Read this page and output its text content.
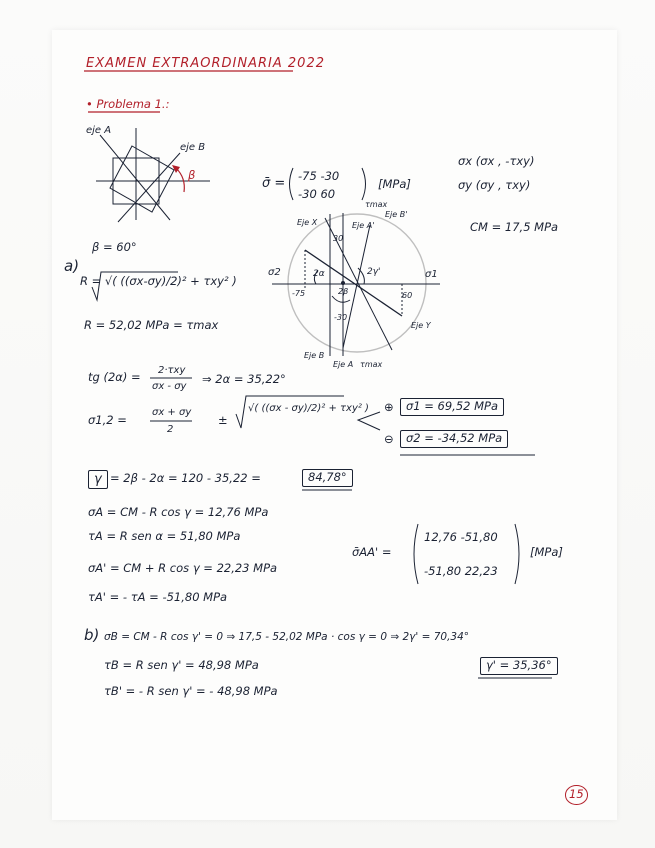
EXAMEN EXTRAORDINARIA 2022
• Problema 1.:
eje A
eje B
β
σ̄ = -75 -30
-30 60
[MPa]
σx (σx , -τxy)
σy (σy , τxy)
CM = 17,5 MPa
τmax
Eje B'
Eje A'
Eje X
Eje Y
Eje B
Eje A τmax
σ1
σ2	2α	2γ'
2β
30
-30
60
-75
a)
β = 60°
R = √( ((σx-σy)/2)² + τxy² )
R = 52,02 MPa = τmax
tg (2α) = 2·τxy
σx - σy
⇒ 2α = 35,22°
σ1,2 =
σx + σy
2
±
√( ((σx - σy)/2)² + τxy² ) ⊕	σ1 = 69,52 MPa
⊖	σ2 = -34,52 MPa
γ = 2β - 2α = 120 - 35,22 =	84,78°
σA = CM - R cos γ = 12,76 MPa
τA = R sen α = 51,80 MPa
σA' = CM + R cos γ = 22,23 MPa
τA' = - τA = -51,80 MPa
σ̄AA' =
12,76 -51,80
-51,80 22,23
[MPa]
b) σB = CM - R cos γ' = 0 ⇒ 17,5 - 52,02 MPa · cos γ = 0 ⇒ 2γ' = 70,34°
γ' = 35,36°
τB = R sen γ' = 48,98 MPa
τB' = - R sen γ' = - 48,98 MPa
15
